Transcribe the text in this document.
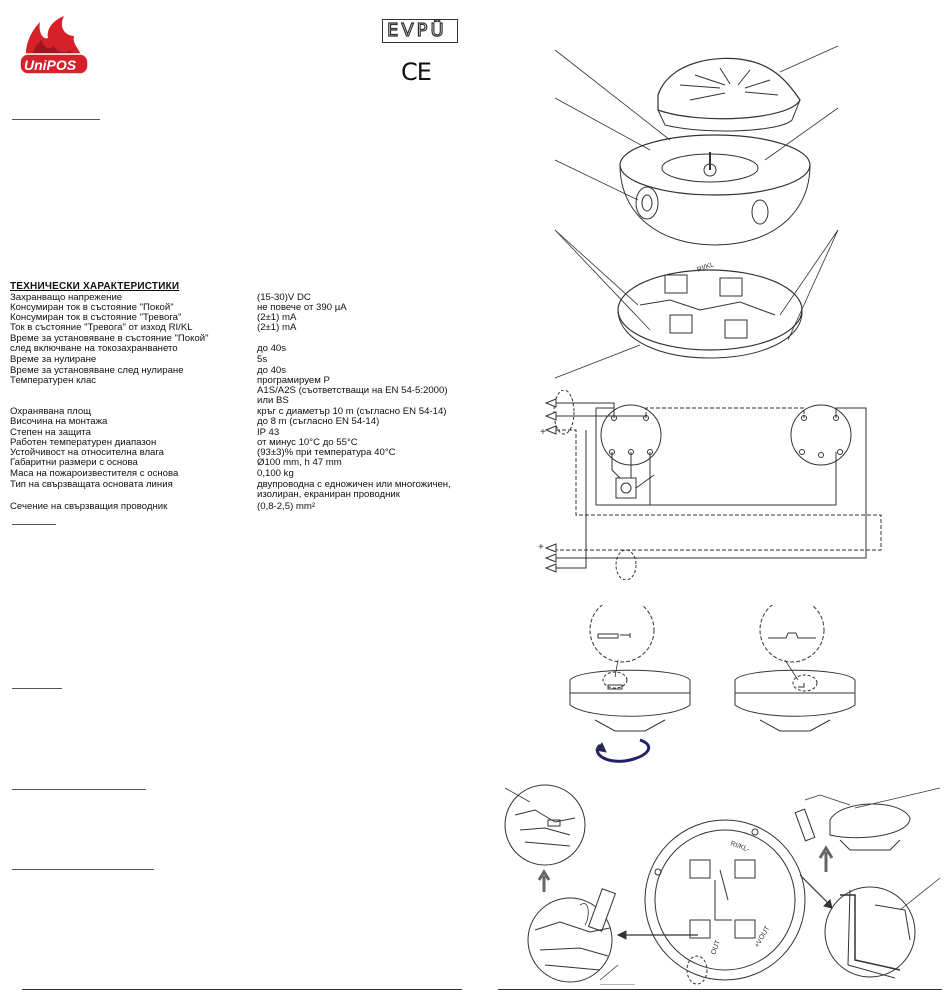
UniPOS
EVPÜ
CE
ТЕХНИЧЕСКИ ХАРАКТЕРИСТИКИ
Захранващо напрежение	(15-30)V DC
Консумиран ток в състояние "Покой"	не повече от 390 µA
Консумиран ток в състояние "Тревога"	(2±1) mA
Ток в състояние "Тревога" от изход RI/KL	(2±1) mA
Време за установяване в състояние "Покой"
след включване на токозахранването	до 40s
Време за нулиране	5s
Време за установяване след нулиране	до 40s
Температурен клас	програмируем P
A1S/A2S (съответстващи на EN 54-5:2000)
или BS
Охранявана площ	кръг с диаметър 10 m (съгласно EN 54-14)
Височина на монтажа	до 8 m (съгласно EN 54-14)
Степен на защита	IP 43
Работен температурен диапазон	от минус 10°C до 55°C
Устойчивост на относителна влага	(93±3)% при температура 40°C
Габаритни размери с основа	Ø100 mm, h 47 mm
Маса на пожароизвестителя с основа	0,100 kg
Тип на свързващата основата линия	двупроводна с едножичен или многожичен,
изолиран, екраниран проводник
Сечение на свързващия проводник	(0,8-2,5) mm²
RI/KL
+
+
RI/KL-
OUT	+VOUT
